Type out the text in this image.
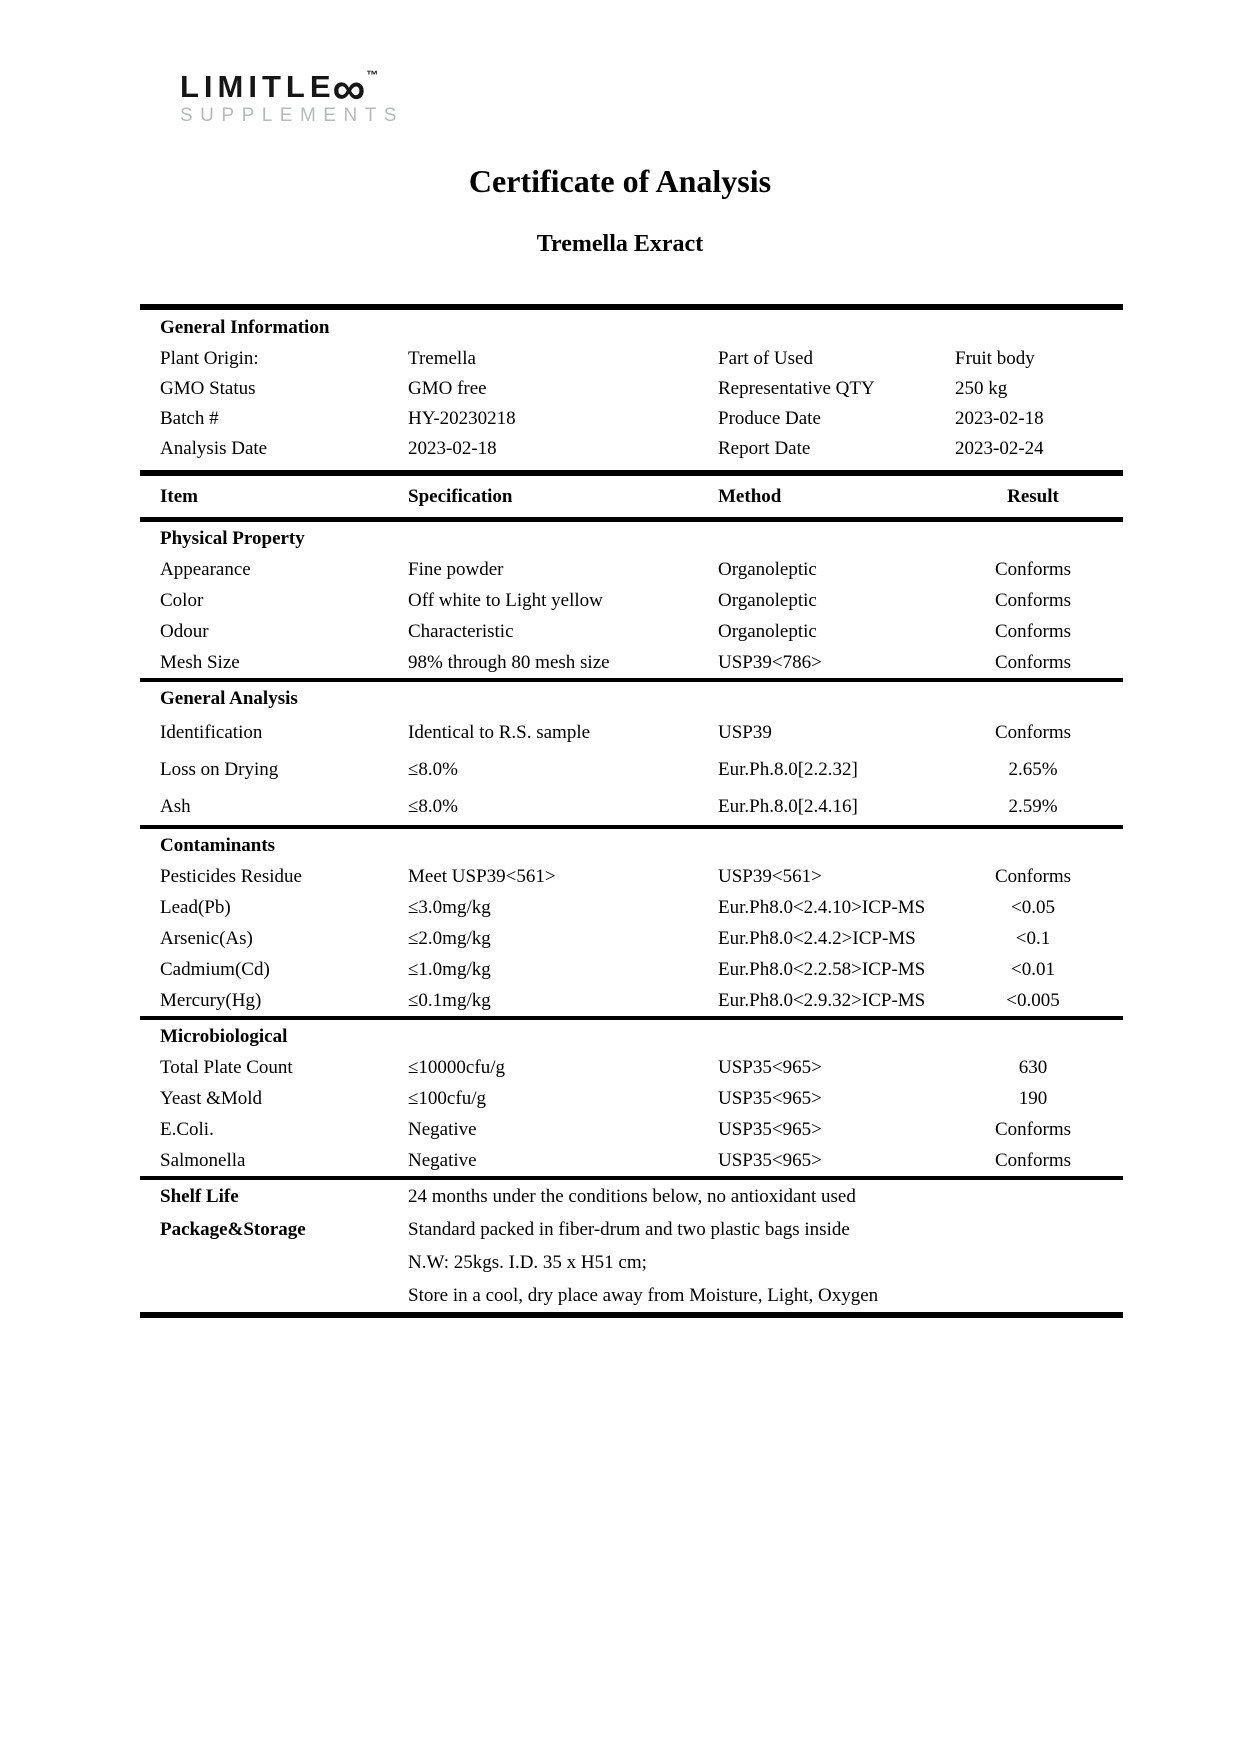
LIMITLE∞™
SUPPLEMENTS
Certificate of Analysis
Tremella Exract
General Information
Plant Origin:	Tremella	Part of Used	Fruit body
GMO Status	GMO free	Representative QTY	250 kg
Batch #	HY-20230218	Produce Date	2023-02-18
Analysis Date	2023-02-18	Report Date	2023-02-24
Item	Specification	Method	Result
Physical Property
Appearance	Fine powder	Organoleptic	Conforms
Color	Off white to Light yellow	Organoleptic	Conforms
Odour	Characteristic	Organoleptic	Conforms
Mesh Size	98% through 80 mesh size	USP39<786>	Conforms
General Analysis
Identification	Identical to R.S. sample	USP39	Conforms
Loss on Drying	≤8.0%	Eur.Ph.8.0[2.2.32]	2.65%
Ash	≤8.0%	Eur.Ph.8.0[2.4.16]	2.59%
Contaminants
Pesticides Residue	Meet USP39<561>	USP39<561>	Conforms
Lead(Pb)	≤3.0mg/kg	Eur.Ph8.0<2.4.10>ICP-MS	<0.05
Arsenic(As)	≤2.0mg/kg	Eur.Ph8.0<2.4.2>ICP-MS	<0.1
Cadmium(Cd)	≤1.0mg/kg	Eur.Ph8.0<2.2.58>ICP-MS	<0.01
Mercury(Hg)	≤0.1mg/kg	Eur.Ph8.0<2.9.32>ICP-MS	<0.005
Microbiological
Total Plate Count	≤10000cfu/g	USP35<965>	630
Yeast &Mold	≤100cfu/g	USP35<965>	190
E.Coli.	Negative	USP35<965>	Conforms
Salmonella	Negative	USP35<965>	Conforms
Shelf Life	24 months under the conditions below, no antioxidant used
Package&Storage	Standard packed in fiber-drum and two plastic bags inside
N.W: 25kgs. I.D. 35 x H51 cm;
Store in a cool, dry place away from Moisture, Light, Oxygen
